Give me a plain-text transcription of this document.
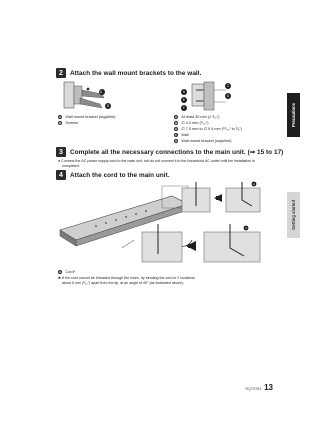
2	Attach the wall mount brackets to the wall.
A
B
D
E
F
C
G
A Wall mount bracket (supplied)
B Screws
C At least 30 mm (1 ³⁄₁₆″)
D ∅ 4.0 mm (⁵⁄₃₂″)
E	∅ 7.0 mm to ∅ 9.4 mm (¹³⁄₃₂″ to ³⁄₈″)
F	Wall
G Wall mount bracket (supplied)
3	Complete all the necessary connections to the main unit. (⇒ 15 to 17)
● Connect the AC power supply cord to the main unit, but do not connect it to the household AC outlet until the installation is
completed.
4	Attach the cord to the main unit.
A
A
A Cord*
✱ If the cord cannot be threaded through the holes, try bending the cord in 2 locations,
about 5 mm (³⁄₁₆″) apart from the tip, at an angle of 45° (as illustrated above).
Precautions
Getting started
RQT9763 13
